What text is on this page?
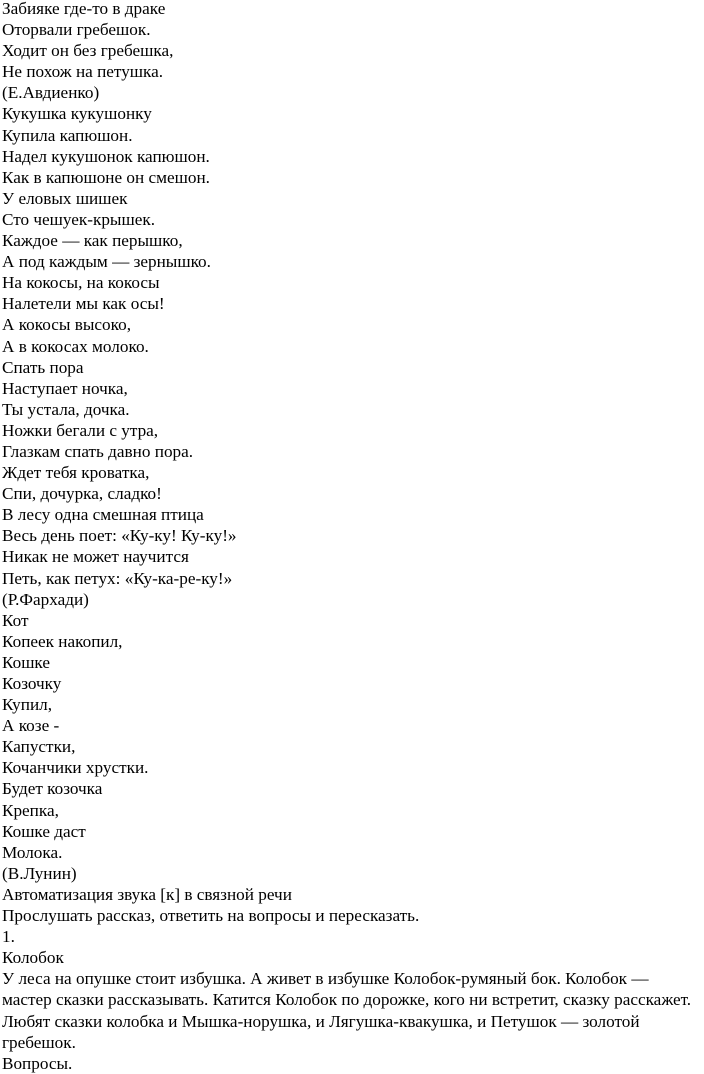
Забияке где-то в драке
Оторвали гребешок.
Ходит он без гребешка,
Не похож на петушка.
(Е.Авдиенко)
Кукушка кукушонку
Купила капюшон.
Надел кукушонок капюшон.
Как в капюшоне он смешон.
У еловых шишек
Сто чешуек-крышек.
Каждое — как перышко,
А под каждым — зернышко.
На кокосы, на кокосы
Налетели мы как осы!
А кокосы высоко,
А в кокосах молоко.
Спать пора
Наступает ночка,
Ты устала, дочка.
Ножки бегали с утра,
Глазкам спать давно пора.
Ждет тебя кроватка,
Спи, дочурка, сладко!
В лесу одна смешная птица
Весь день поет: «Ку-ку! Ку-ку!»
Никак не может научится
Петь, как петух: «Ку-ка-ре-ку!»
(Р.Фархади)
Кот
Копеек накопил,
Кошке
Козочку
Купил,
А козе -
Капустки,
Кочанчики хрустки.
Будет козочка
Крепка,
Кошке даст
Молока.
(В.Лунин)
Автоматизация звука [к] в связной речи
Прослушать рассказ, ответить на вопросы и пересказать.
1.
Колобок
У леса на опушке стоит избушка. А живет в избушке Колобок-румяный бок. Колобок — мастер сказки рассказывать. Катится Колобок по дорожке, кого ни встретит, сказку расскажет. Любят сказки колобка и Мышка-норушка, и Лягушка-квакушка, и Петушок — золотой гребешок.
Вопросы.
